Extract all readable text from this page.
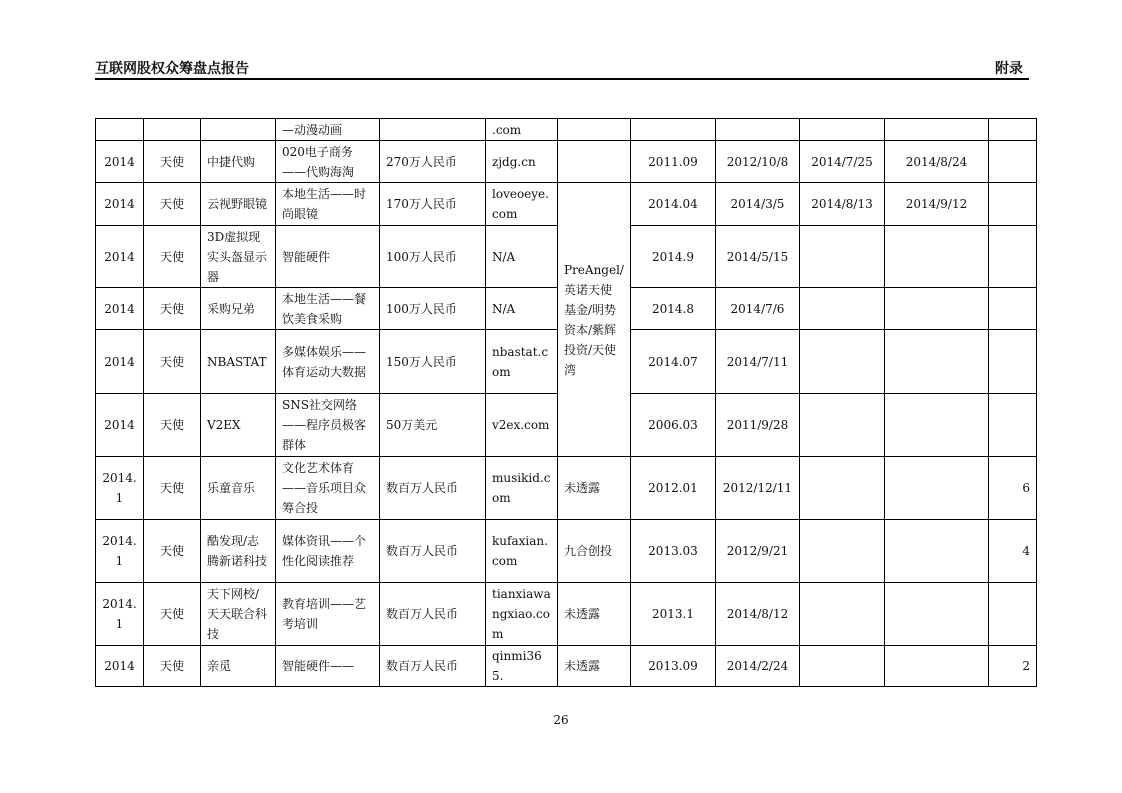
互联网股权众筹盘点报告	附录
			—动漫动画		.com						
2014	天使	中捷代购	020电子商务——代购海淘	270万人民币	zjdg.cn		2011.09	2012/10/8	2014/7/25	2014/8/24	
2014	天使	云视野眼镜	本地生活——时尚眼镜	170万人民币	loveoeye.com	PreAngel/英诺天使基金/明势资本/紫辉投资/天使湾	2014.04	2014/3/5	2014/8/13	2014/9/12	
2014	天使	3D虚拟现实头盔显示器	智能硬件	100万人民币	N/A		2014.9	2014/5/15			
2014	天使	采购兄弟	本地生活——餐饮美食采购	100万人民币	N/A		2014.8	2014/7/6			
2014	天使	NBASTAT	多媒体娱乐——体育运动大数据	150万人民币	nbastat.com		2014.07	2014/7/11			
2014	天使	V2EX	SNS社交网络——程序员极客群体	50万美元	v2ex.com		2006.03	2011/9/28			
2014.1	天使	乐童音乐	文化艺术体育——音乐项目众筹合投	数百万人民币	musikid.com	未透露	2012.01	2012/12/11			6
2014.1	天使	酷发现/志腾新诺科技	媒体资讯——个性化阅读推荐	数百万人民币	kufaxian.com	九合创投	2013.03	2012/9/21			4
2014.1	天使	天下网校/天天联合科技	教育培训——艺考培训	数百万人民币	tianxiawangxiao.com	未透露	2013.1	2014/8/12			
2014	天使	亲觅	智能硬件——	数百万人民币	qinmi365.	未透露	2013.09	2014/2/24			2
26
